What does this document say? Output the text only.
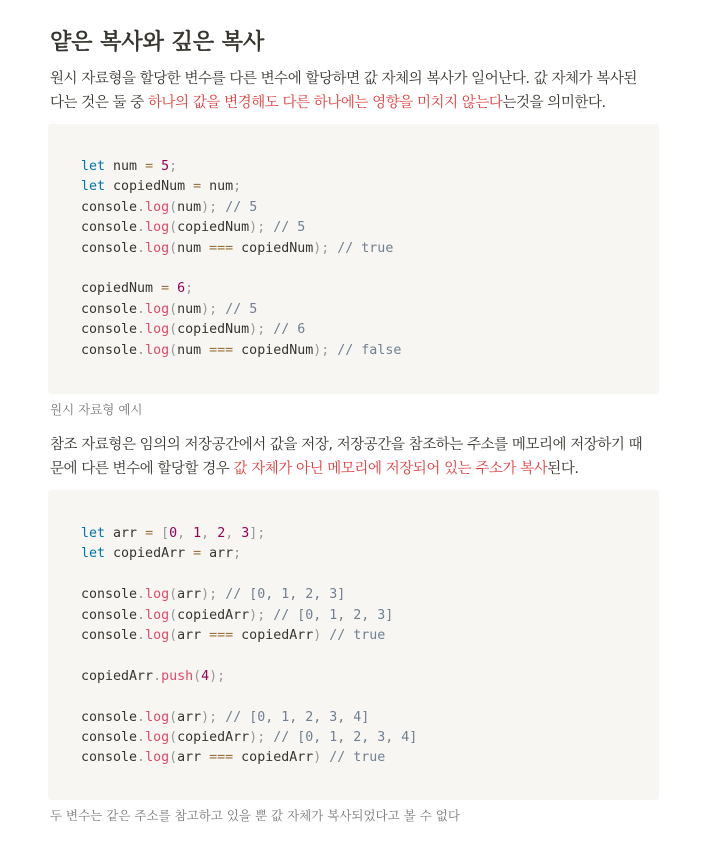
얕은 복사와 깊은 복사

원시 자료형을 할당한 변수를 다른 변수에 할당하면 값 자체의 복사가 일어난다. 값 자체가 복사된
다는 것은 둘 중 하나의 값을 변경해도 다른 하나에는 영향을 미치지 않는다는것을 의미한다.

let num = 5;
let copiedNum = num;
console.log(num); // 5
console.log(copiedNum); // 5
console.log(num === copiedNum); // true
copiedNum = 6;
console.log(num); // 5
console.log(copiedNum); // 6
console.log(num === copiedNum); // false

원시 자료형 예시

참조 자료형은 임의의 저장공간에서 값을 저장, 저장공간을 참조하는 주소를 메모리에 저장하기 때
문에 다른 변수에 할당할 경우 값 자체가 아닌 메모리에 저장되어 있는 주소가 복사된다.

let arr = [0, 1, 2, 3];
let copiedArr = arr;
console.log(arr); // [0, 1, 2, 3]
console.log(copiedArr); // [0, 1, 2, 3]
console.log(arr === copiedArr) // true
copiedArr.push(4);
console.log(arr); // [0, 1, 2, 3, 4]
console.log(copiedArr); // [0, 1, 2, 3, 4]
console.log(arr === copiedArr) // true

두 변수는 같은 주소를 참고하고 있을 뿐 값 자체가 복사되었다고 볼 수 없다
